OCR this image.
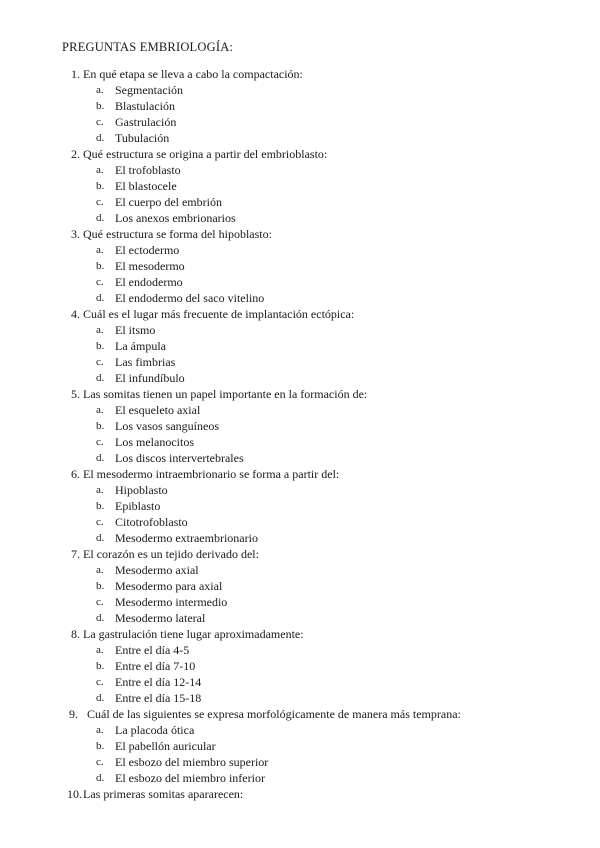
PREGUNTAS EMBRIOLOGÍA:
1. En qué etapa se lleva a cabo la compactación:
a. Segmentación
b. Blastulación
c. Gastrulación
d. Tubulación
2. Qué estructura se origina a partir del embrioblasto:
a. El trofoblasto
b. El blastocele
c. El cuerpo del embrión
d. Los anexos embrionarios
3. Qué estructura se forma del hipoblasto:
a. El ectodermo
b. El mesodermo
c. El endodermo
d. El endodermo del saco vitelino
4. Cuál es el lugar más frecuente de implantación ectópica:
a. El itsmo
b. La ámpula
c. Las fimbrias
d. El infundíbulo
5. Las somitas tienen un papel importante en la formación de:
a. El esqueleto axial
b. Los vasos sanguíneos
c. Los melanocitos
d. Los discos intervertebrales
6. El mesodermo intraembrionario se forma a partir del:
a. Hipoblasto
b. Epiblasto
c. Citotrofoblasto
d. Mesodermo extraembrionario
7. El corazón es un tejido derivado del:
a. Mesodermo axial
b. Mesodermo para axial
c. Mesodermo intermedio
d. Mesodermo lateral
8. La gastrulación tiene lugar aproximadamente:
a. Entre el día 4-5
b. Entre el día 7-10
c. Entre el día 12-14
d. Entre el día 15-18
9. Cuál de las siguientes se expresa morfológicamente de manera más temprana:
a. La placoda ótica
b. El pabellón auricular
c. El esbozo del miembro superior
d. El esbozo del miembro inferior
10. Las primeras somitas apararecen:
